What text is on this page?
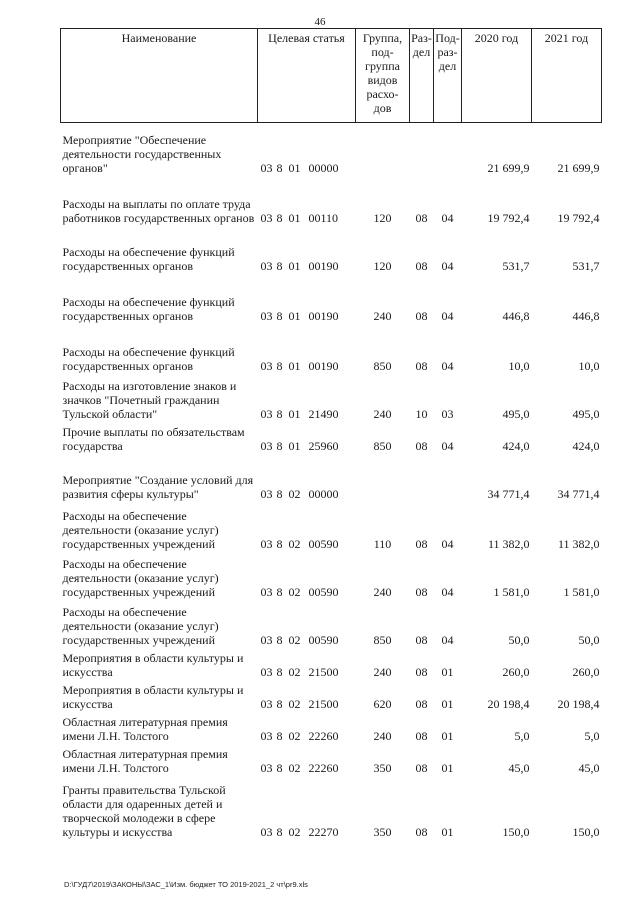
46
Наименование	Целевая статья	Группа, под- группа видов расхо- дов	Раз- дел	Под- раз- дел	2020 год	2021 год
Мероприятие "Обеспечение деятельности государственных органов"	03 8 01 00000				21 699,9	21 699,9
Расходы на выплаты по оплате труда работников государственных органов	03 8 01 00110	120	08	04	19 792,4	19 792,4
Расходы на обеспечение функций государственных органов	03 8 01 00190	120	08	04	531,7	531,7
Расходы на обеспечение функций государственных органов	03 8 01 00190	240	08	04	446,8	446,8
Расходы на обеспечение функций государственных органов	03 8 01 00190	850	08	04	10,0	10,0
Расходы на изготовление знаков и значков "Почетный гражданин Тульской области"	03 8 01 21490	240	10	03	495,0	495,0
Прочие выплаты по обязательствам государства	03 8 01 25960	850	08	04	424,0	424,0
Мероприятие "Создание условий для развития сферы культуры"	03 8 02 00000				34 771,4	34 771,4
Расходы на обеспечение деятельности (оказание услуг) государственных учреждений	03 8 02 00590	110	08	04	11 382,0	11 382,0
Расходы на обеспечение деятельности (оказание услуг) государственных учреждений	03 8 02 00590	240	08	04	1 581,0	1 581,0
Расходы на обеспечение деятельности (оказание услуг) государственных учреждений	03 8 02 00590	850	08	04	50,0	50,0
Мероприятия в области культуры и искусства	03 8 02 21500	240	08	01	260,0	260,0
Мероприятия в области культуры и искусства	03 8 02 21500	620	08	01	20 198,4	20 198,4
Областная литературная премия имени Л.Н. Толстого	03 8 02 22260	240	08	01	5,0	5,0
Областная литературная премия имени Л.Н. Толстого	03 8 02 22260	350	08	01	45,0	45,0
Гранты правительства Тульской области для одаренных детей и творческой молодежи в сфере культуры и искусства	03 8 02 22270	350	08	01	150,0	150,0
D:\ГУД7\2019\ЗАКОНЫ\ЗАС_1\Изм. бюджет ТО 2019-2021_2 чт\pr9.xls
